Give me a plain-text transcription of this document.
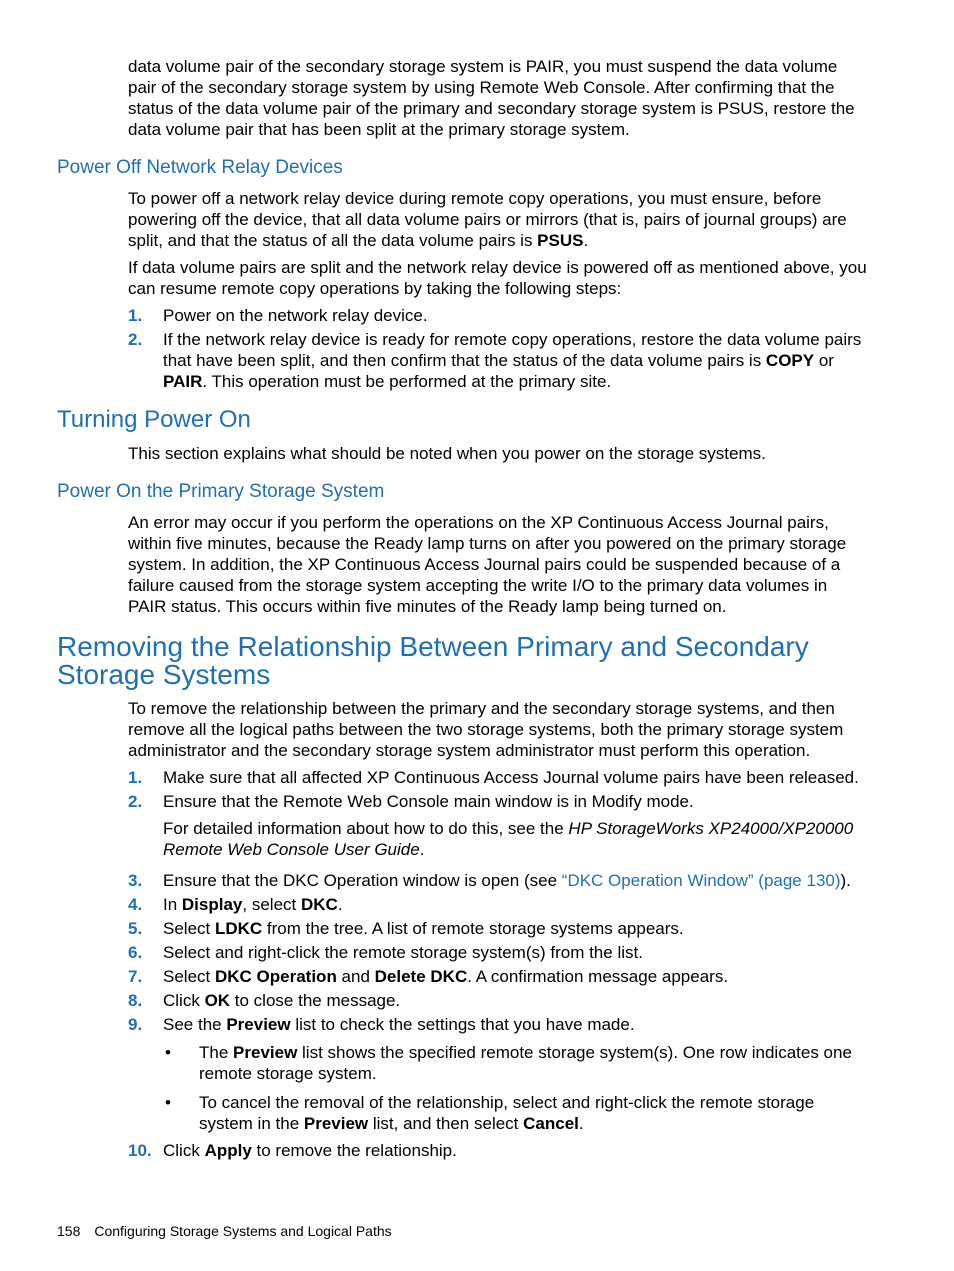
data volume pair of the secondary storage system is PAIR, you must suspend the data volume pair of the secondary storage system by using Remote Web Console. After confirming that the status of the data volume pair of the primary and secondary storage system is PSUS, restore the data volume pair that has been split at the primary storage system.

Power Off Network Relay Devices

To power off a network relay device during remote copy operations, you must ensure, before powering off the device, that all data volume pairs or mirrors (that is, pairs of journal groups) are split, and that the status of all the data volume pairs is PSUS.

If data volume pairs are split and the network relay device is powered off as mentioned above, you can resume remote copy operations by taking the following steps:

1.	Power on the network relay device.
2.	If the network relay device is ready for remote copy operations, restore the data volume pairs that have been split, and then confirm that the status of the data volume pairs is COPY or PAIR. This operation must be performed at the primary site.
Turning Power On

This section explains what should be noted when you power on the storage systems.

Power On the Primary Storage System

An error may occur if you perform the operations on the XP Continuous Access Journal pairs, within five minutes, because the Ready lamp turns on after you powered on the primary storage system. In addition, the XP Continuous Access Journal pairs could be suspended because of a failure caused from the storage system accepting the write I/O to the primary data volumes in PAIR status. This occurs within five minutes of the Ready lamp being turned on.

Removing the Relationship Between Primary and Secondary Storage Systems

To remove the relationship between the primary and the secondary storage systems, and then remove all the logical paths between the two storage systems, both the primary storage system administrator and the secondary storage system administrator must perform this operation.

1.	Make sure that all affected XP Continuous Access Journal volume pairs have been released.
2.	Ensure that the Remote Web Console main window is in Modify mode.

For detailed information about how to do this, see the HP StorageWorks XP24000/XP20000 Remote Web Console User Guide.

3.	Ensure that the DKC Operation window is open (see “DKC Operation Window” (page 130)).
4.	In Display, select DKC.
5.	Select LDKC from the tree. A list of remote storage systems appears.
6.	Select and right-click the remote storage system(s) from the list.
7.	Select DKC Operation and Delete DKC. A confirmation message appears.
8.	Click OK to close the message.
9.	See the Preview list to check the settings that you have made.
• The Preview list shows the specified remote storage system(s). One row indicates one remote storage system.
• To cancel the removal of the relationship, select and right-click the remote storage system in the Preview list, and then select Cancel.
10. Click Apply to remove the relationship.
158 Configuring Storage Systems and Logical Paths
